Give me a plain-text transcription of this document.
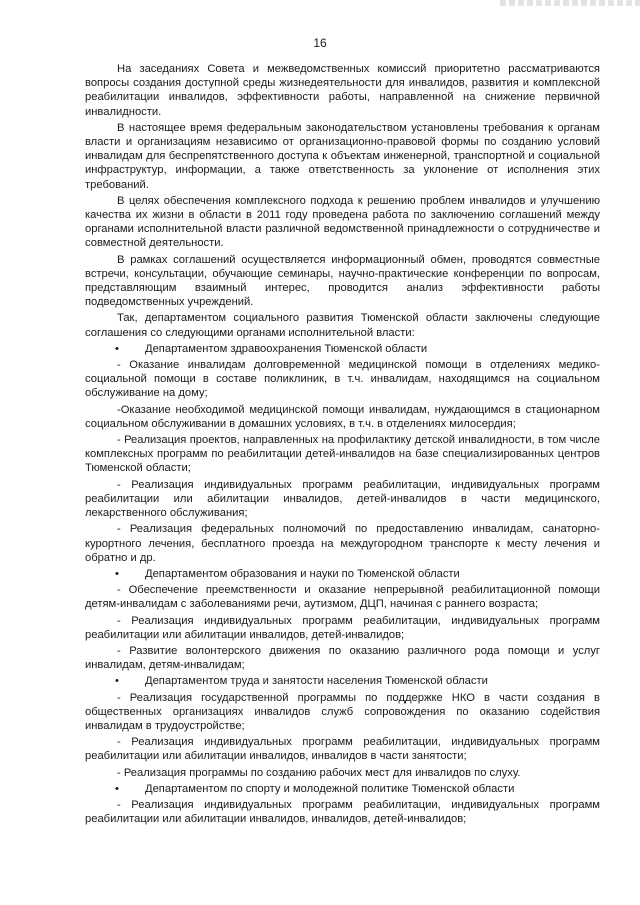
16

На заседаниях Совета и межведомственных комиссий приоритетно рассматриваются вопросы создания доступной среды жизнедеятельности для инвалидов, развития и комплексной реабилитации инвалидов, эффективности работы, направленной на снижение первичной инвалидности.

В настоящее время федеральным законодательством установлены требования к органам власти и организациям независимо от организационно-правовой формы по созданию условий инвалидам для беспрепятственного доступа к объектам инженерной, транспортной и социальной инфраструктур, информации, а также ответственность за уклонение от исполнения этих требований.

В целях обеспечения комплексного подхода к решению проблем инвалидов и улучшению качества их жизни в области в 2011 году проведена работа по заключению соглашений между органами исполнительной власти различной ведомственной принадлежности о сотрудничестве и совместной деятельности.

В рамках соглашений осуществляется информационный обмен, проводятся совместные встречи, консультации, обучающие семинары, научно-практические конференции по вопросам, представляющим взаимный интерес, проводится анализ эффективности работы подведомственных учреждений.

Так, департаментом социального развития Тюменской области заключены следующие соглашения со следующими органами исполнительной власти:

•	Департаментом здравоохранения Тюменской области

- Оказание инвалидам долговременной медицинской помощи в отделениях медико-социальной помощи в составе поликлиник, в т.ч. инвалидам, находящимся на социальном обслуживание на дому;

-Оказание необходимой медицинской помощи инвалидам, нуждающимся в стационарном социальном обслуживании в домашних условиях, в т.ч. в отделениях милосердия;

- Реализация проектов, направленных на профилактику детской инвалидности, в том числе комплексных программ по реабилитации детей-инвалидов на базе специализированных центров Тюменской области;

- Реализация индивидуальных программ реабилитации, индивидуальных программ реабилитации или абилитации инвалидов, детей-инвалидов в части медицинского, лекарственного обслуживания;

- Реализация федеральных полномочий по предоставлению инвалидам, санаторно-курортного лечения, бесплатного проезда на междугородном транспорте к месту лечения и обратно и др.

•	Департаментом образования и науки по Тюменской области

- Обеспечение преемственности и оказание непрерывной реабилитационной помощи детям-инвалидам с заболеваниями речи, аутизмом, ДЦП, начиная с раннего возраста;

- Реализация индивидуальных программ реабилитации, индивидуальных программ реабилитации или абилитации инвалидов, детей-инвалидов;

- Развитие волонтерского движения по оказанию различного рода помощи и услуг инвалидам, детям-инвалидам;

•	Департаментом труда и занятости населения Тюменской области

- Реализация государственной программы по поддержке НКО в части создания в общественных организациях инвалидов служб сопровождения по оказанию содействия инвалидам в трудоустройстве;

- Реализация индивидуальных программ реабилитации, индивидуальных программ реабилитации или абилитации инвалидов, инвалидов в части занятости;

- Реализация программы по созданию рабочих мест для инвалидов по слуху.

•	Департаментом по спорту и молодежной политике Тюменской области

- Реализация индивидуальных программ реабилитации, индивидуальных программ реабилитации или абилитации инвалидов, инвалидов, детей-инвалидов;
